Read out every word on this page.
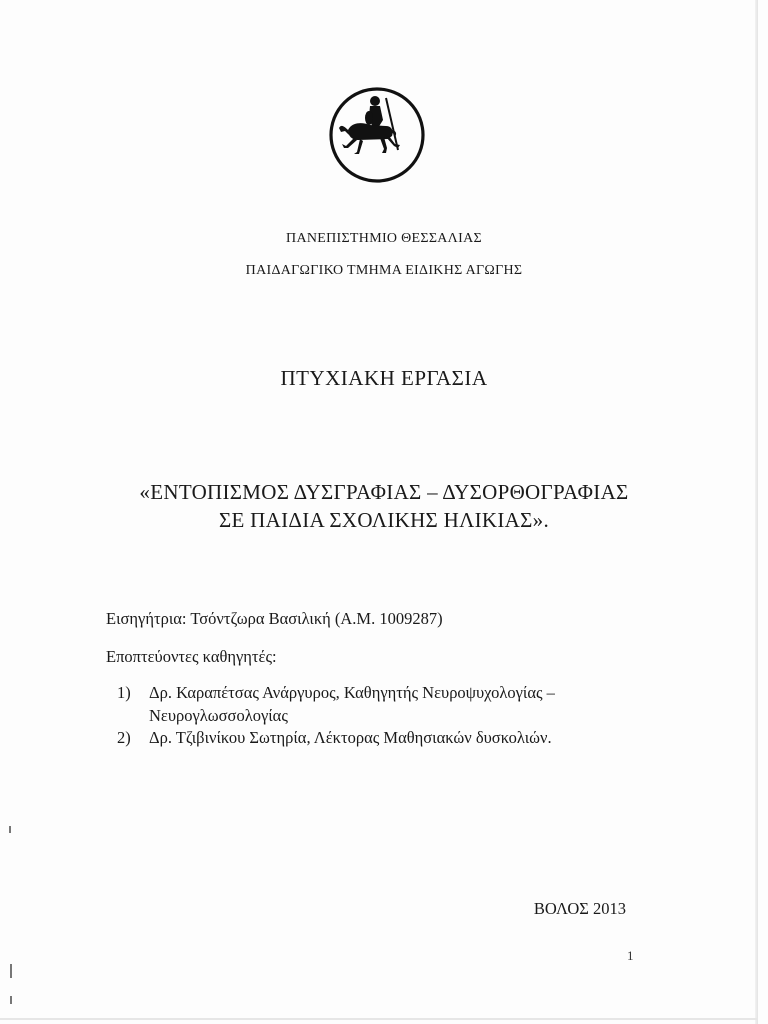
ΠΑΝΕΠΙΣΤΗΜΙΟ ΘΕΣΣΑΛΙΑΣ
ΠΑΙΔΑΓΩΓΙΚΟ ΤΜΗΜΑ ΕΙΔΙΚΗΣ ΑΓΩΓΗΣ
ΠΤΥΧΙΑΚΗ ΕΡΓΑΣΙΑ
«ΕΝΤΟΠΙΣΜΟΣ ΔΥΣΓΡΑΦΙΑΣ – ΔΥΣΟΡΘΟΓΡΑΦΙΑΣ
ΣΕ ΠΑΙΔΙΑ ΣΧΟΛΙΚΗΣ ΗΛΙΚΙΑΣ».
Εισηγήτρια: Τσόντζωρα Βασιλική (Α.Μ. 1009287)
Εποπτεύοντες καθηγητές:
1) Δρ. Καραπέτσας Ανάργυρος, Καθηγητής Νευροψυχολογίας –
Νευρογλωσσολογίας
2) Δρ. Τζιβινίκου Σωτηρία, Λέκτορας Μαθησιακών δυσκολιών.
ΒΟΛΟΣ 2013
1
